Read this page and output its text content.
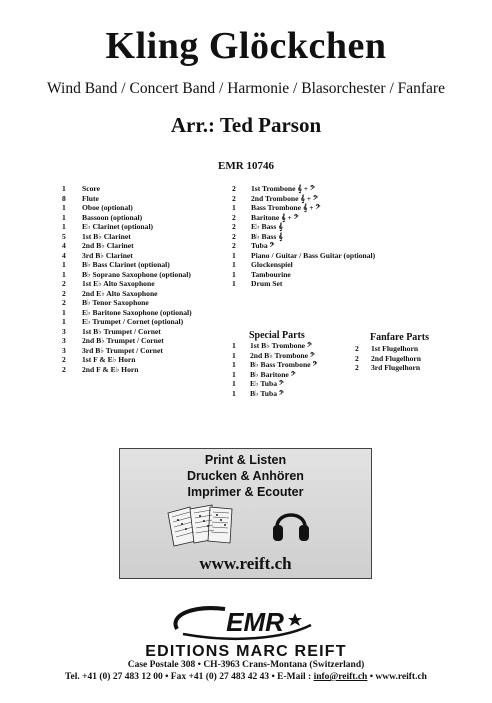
Kling Glöckchen
Wind Band / Concert Band / Harmonie / Blasorchester / Fanfare
Arr.: Ted Parson
EMR 10746
1	Score
8	Flute
1	Oboe (optional)
1	Bassoon (optional)
1	E♭ Clarinet (optional)
5	1st B♭ Clarinet
4	2nd B♭ Clarinet
4	3rd B♭ Clarinet
1	B♭ Bass Clarinet (optional)
1	B♭ Soprano Saxophone (optional)
2	1st E♭ Alto Saxophone
2	2nd E♭ Alto Saxophone
2	B♭ Tenor Saxophone
1	E♭ Baritone Saxophone (optional)
1	E♭ Trumpet / Cornet (optional)
3	1st B♭ Trumpet / Cornet
3	2nd B♭ Trumpet / Cornet
3	3rd B♭ Trumpet / Cornet
2	1st F & E♭ Horn
2	2nd F & E♭ Horn
2	1st Trombone 𝄞 + 𝄢
2	2nd Trombone 𝄞 + 𝄢
1	Bass Trombone 𝄞 + 𝄢
2	Baritone 𝄞 + 𝄢
2	E♭ Bass 𝄞
2	B♭ Bass 𝄞
2	Tuba 𝄢
1	Piano / Guitar / Bass Guitar (optional)
1	Glockenspiel
1	Tambourine
1	Drum Set
Special Parts
1	1st B♭ Trombone 𝄢
1	2nd B♭ Trombone 𝄢
1	B♭ Bass Trombone 𝄢
1	B♭ Baritone 𝄢
1	E♭ Tuba 𝄢
1	B♭ Tuba 𝄢
Fanfare Parts
2	1st Flugelhorn
2	2nd Flugelhorn
2	3rd Flugelhorn
Print & Listen
Drucken & Anhören
Imprimer & Ecouter
www.reift.ch
EMR
EDITIONS MARC REIFT
Case Postale 308 • CH-3963 Crans-Montana (Switzerland)
Tel. +41 (0) 27 483 12 00 • Fax +41 (0) 27 483 42 43 • E-Mail : info@reift.ch • www.reift.ch
